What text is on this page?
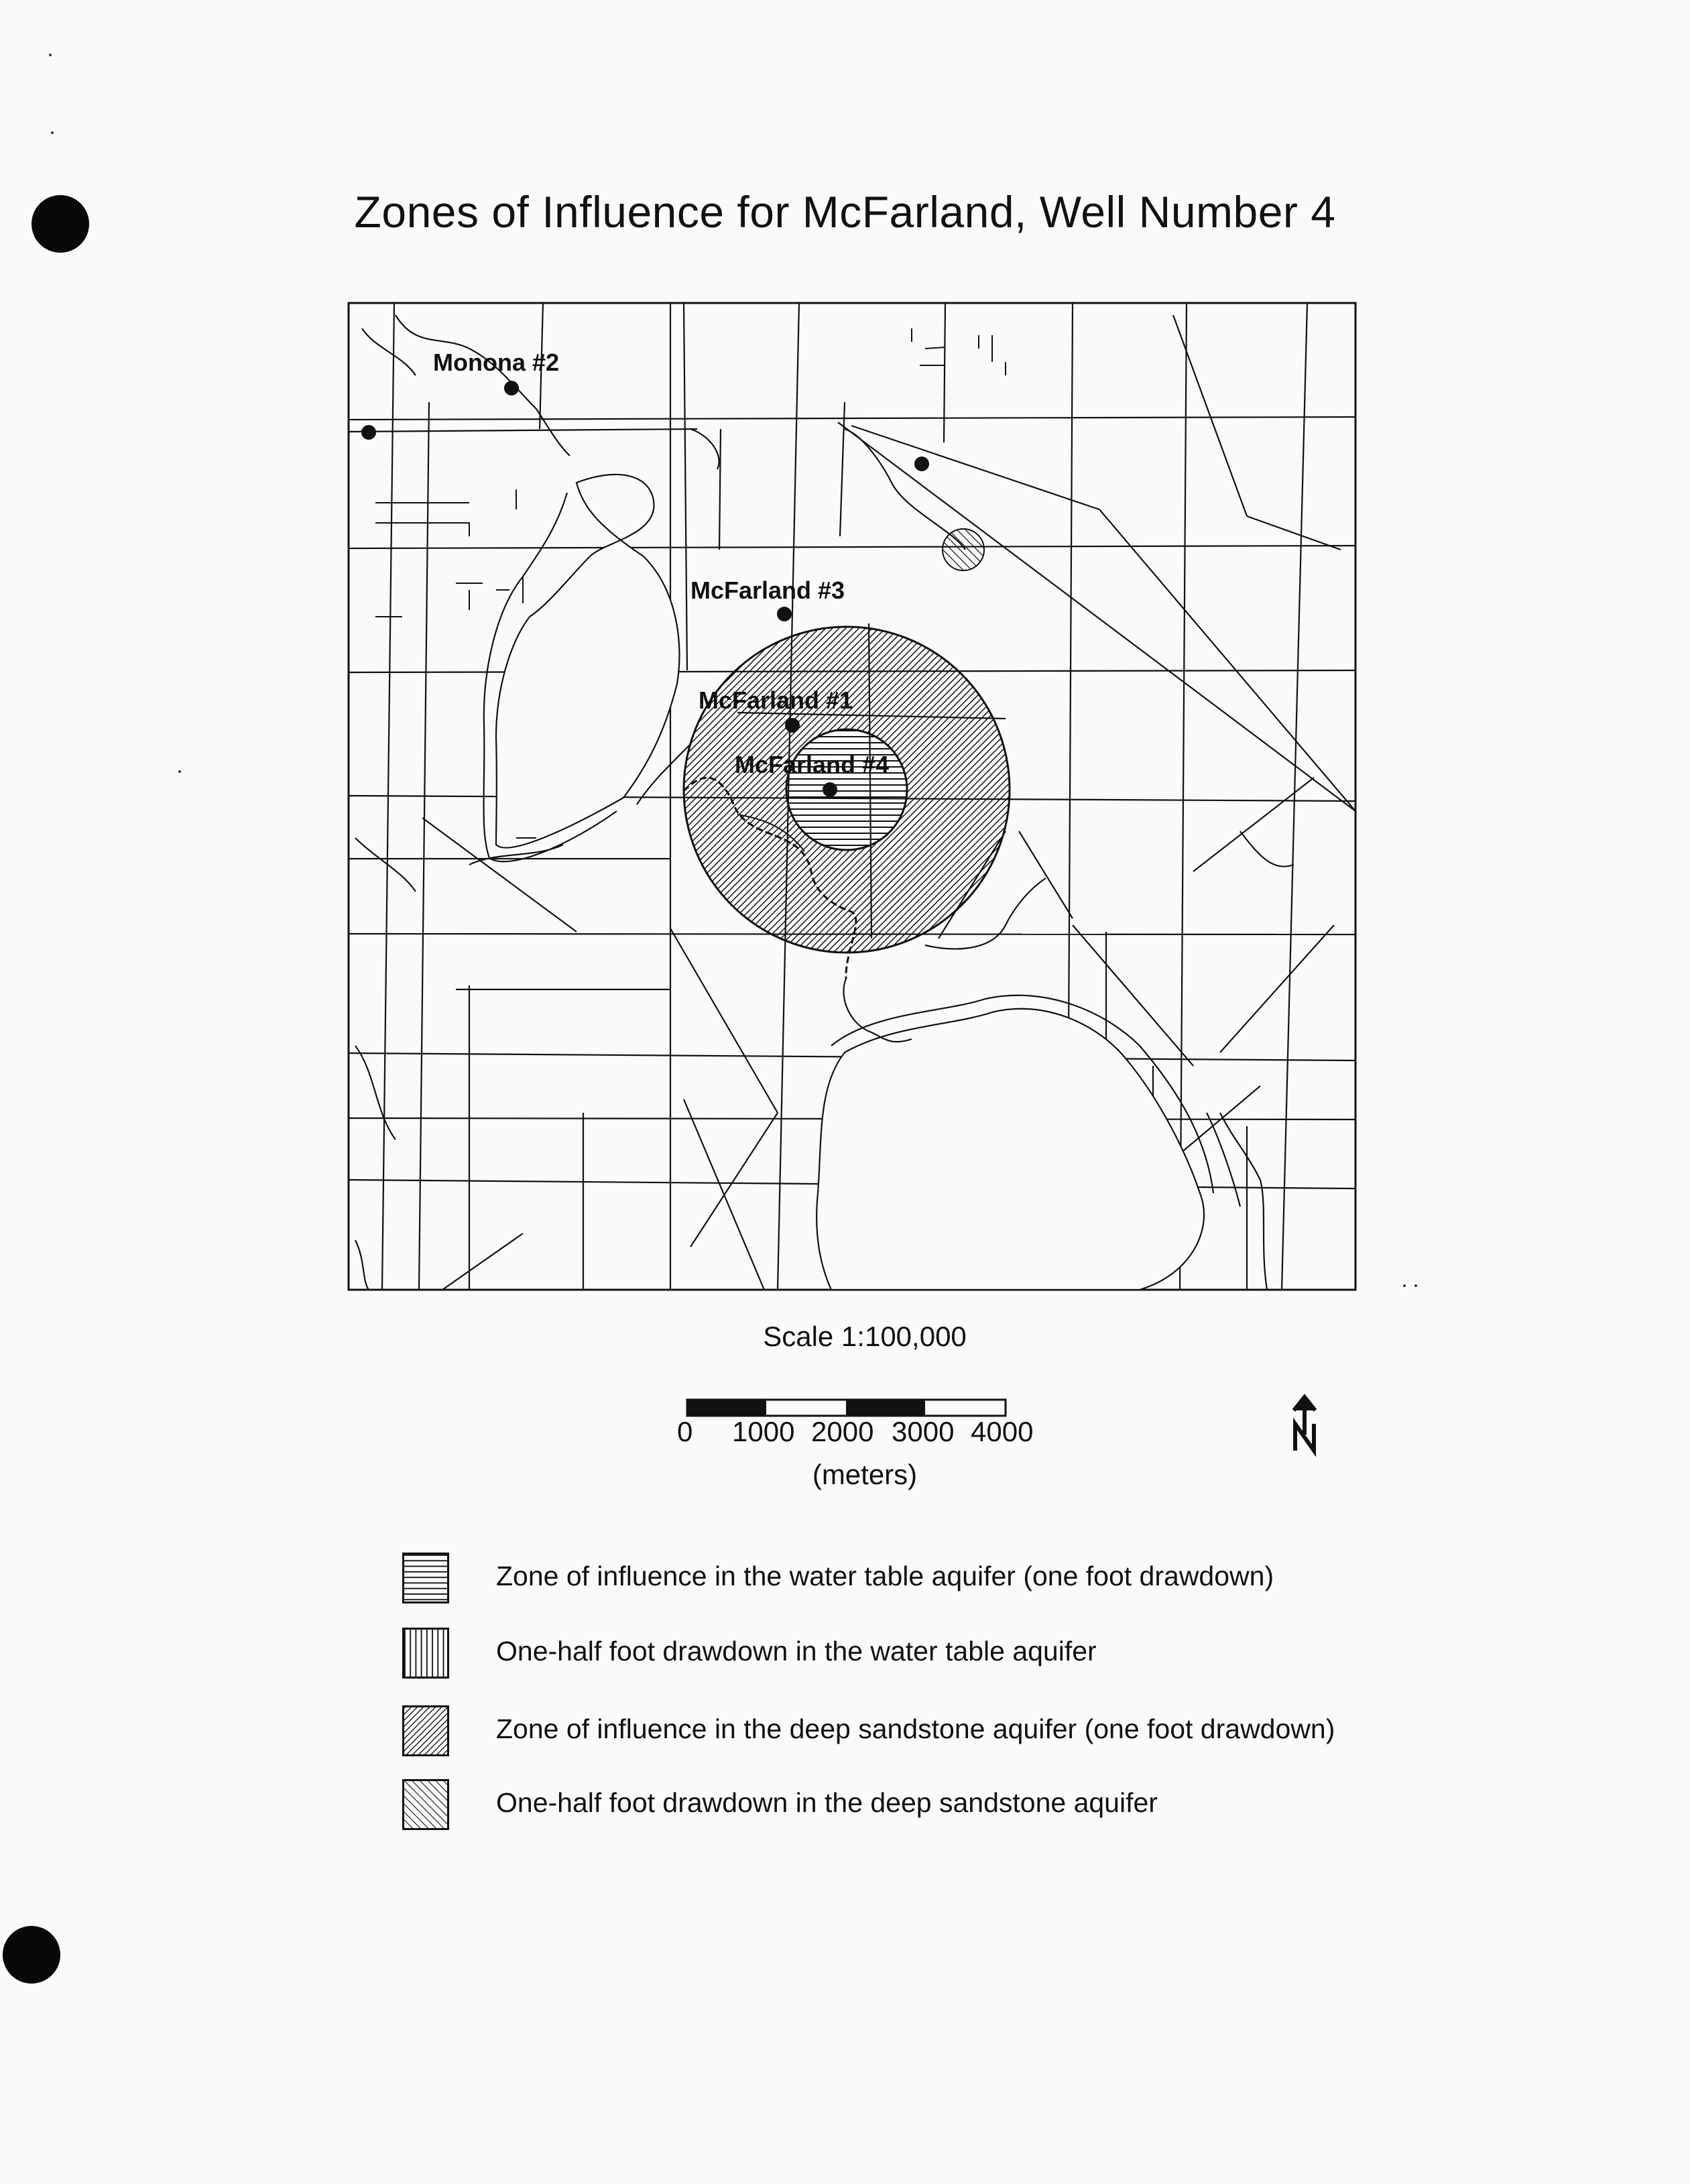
Zones of Influence for McFarland, Well Number 4
Monona #2
McFarland #3
McFarland #1
McFarland #4
Scale 1:100,000
0 1000 2000 3000 4000
(meters)
Zone of influence in the water table aquifer (one foot drawdown)
One-half foot drawdown in the water table aquifer
Zone of influence in the deep sandstone aquifer (one foot drawdown)
One-half foot drawdown in the deep sandstone aquifer
